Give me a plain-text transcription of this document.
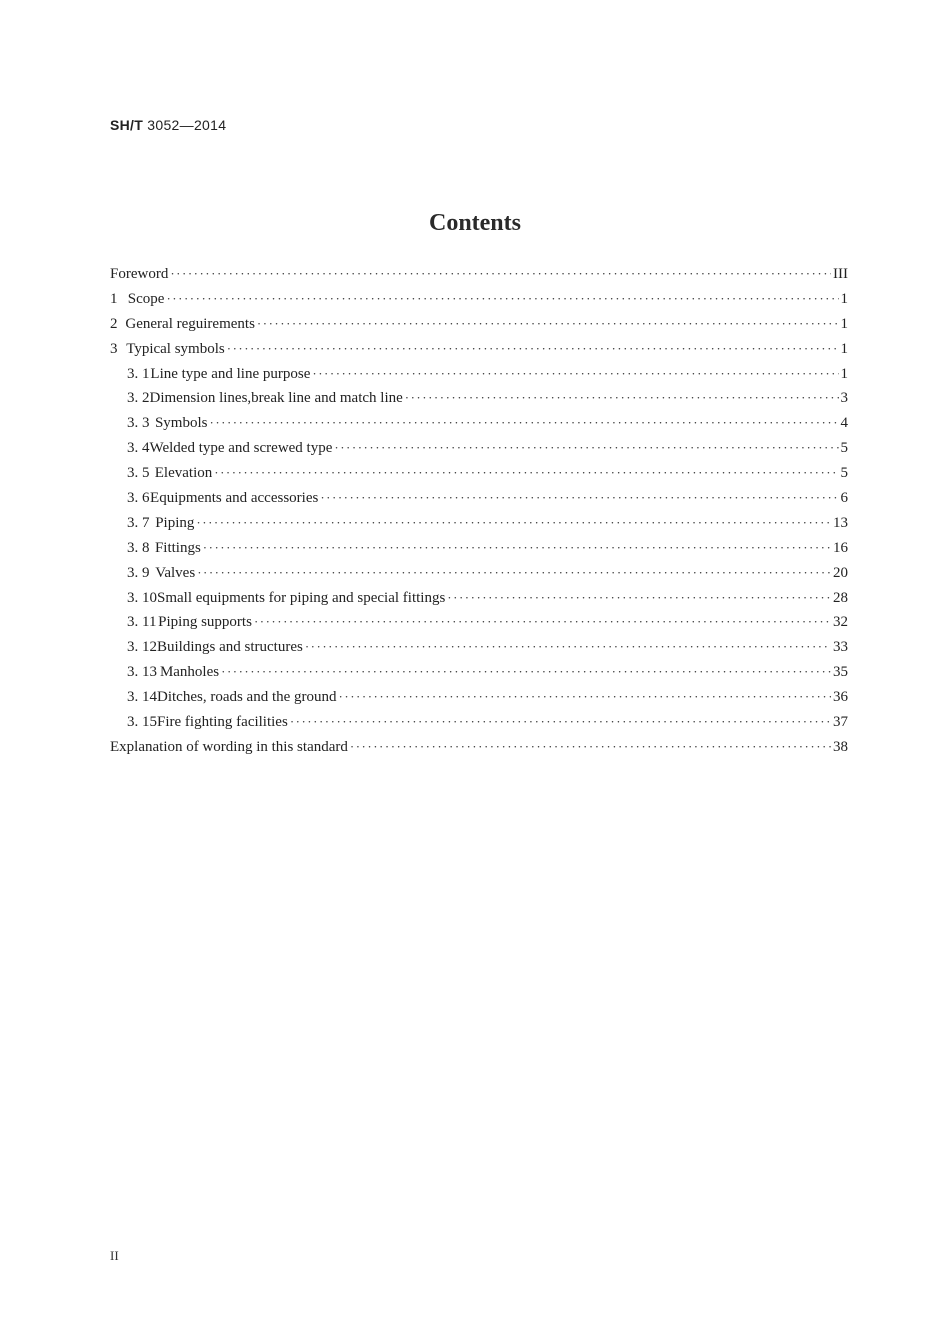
SH/T 3052—2014
Contents
Foreword ·····	III
1 Scope ·····	1
2 General reguirements ·····	1
3 Typical symbols ·····	1
3. 1 Line type and line purpose ·····	1
3. 2 Dimension lines,break line and match line ·····	3
3. 3 Symbols ·····	4
3. 4 Welded type and screwed type ·····	5
3. 5 Elevation ·····	5
3. 6 Equipments and accessories ·····	6
3. 7 Piping ·····	13
3. 8 Fittings ·····	16
3. 9 Valves ·····	20
3. 10 Small equipments for piping and special fittings ·····	28
3. 11 Piping supports ·····	32
3. 12 Buildings and structures ·····	33
3. 13 Manholes ·····	35
3. 14 Ditches, roads and the ground ·····	36
3. 15 Fire fighting facilities ·····	37
Explanation of wording in this standard ·····	38
II
